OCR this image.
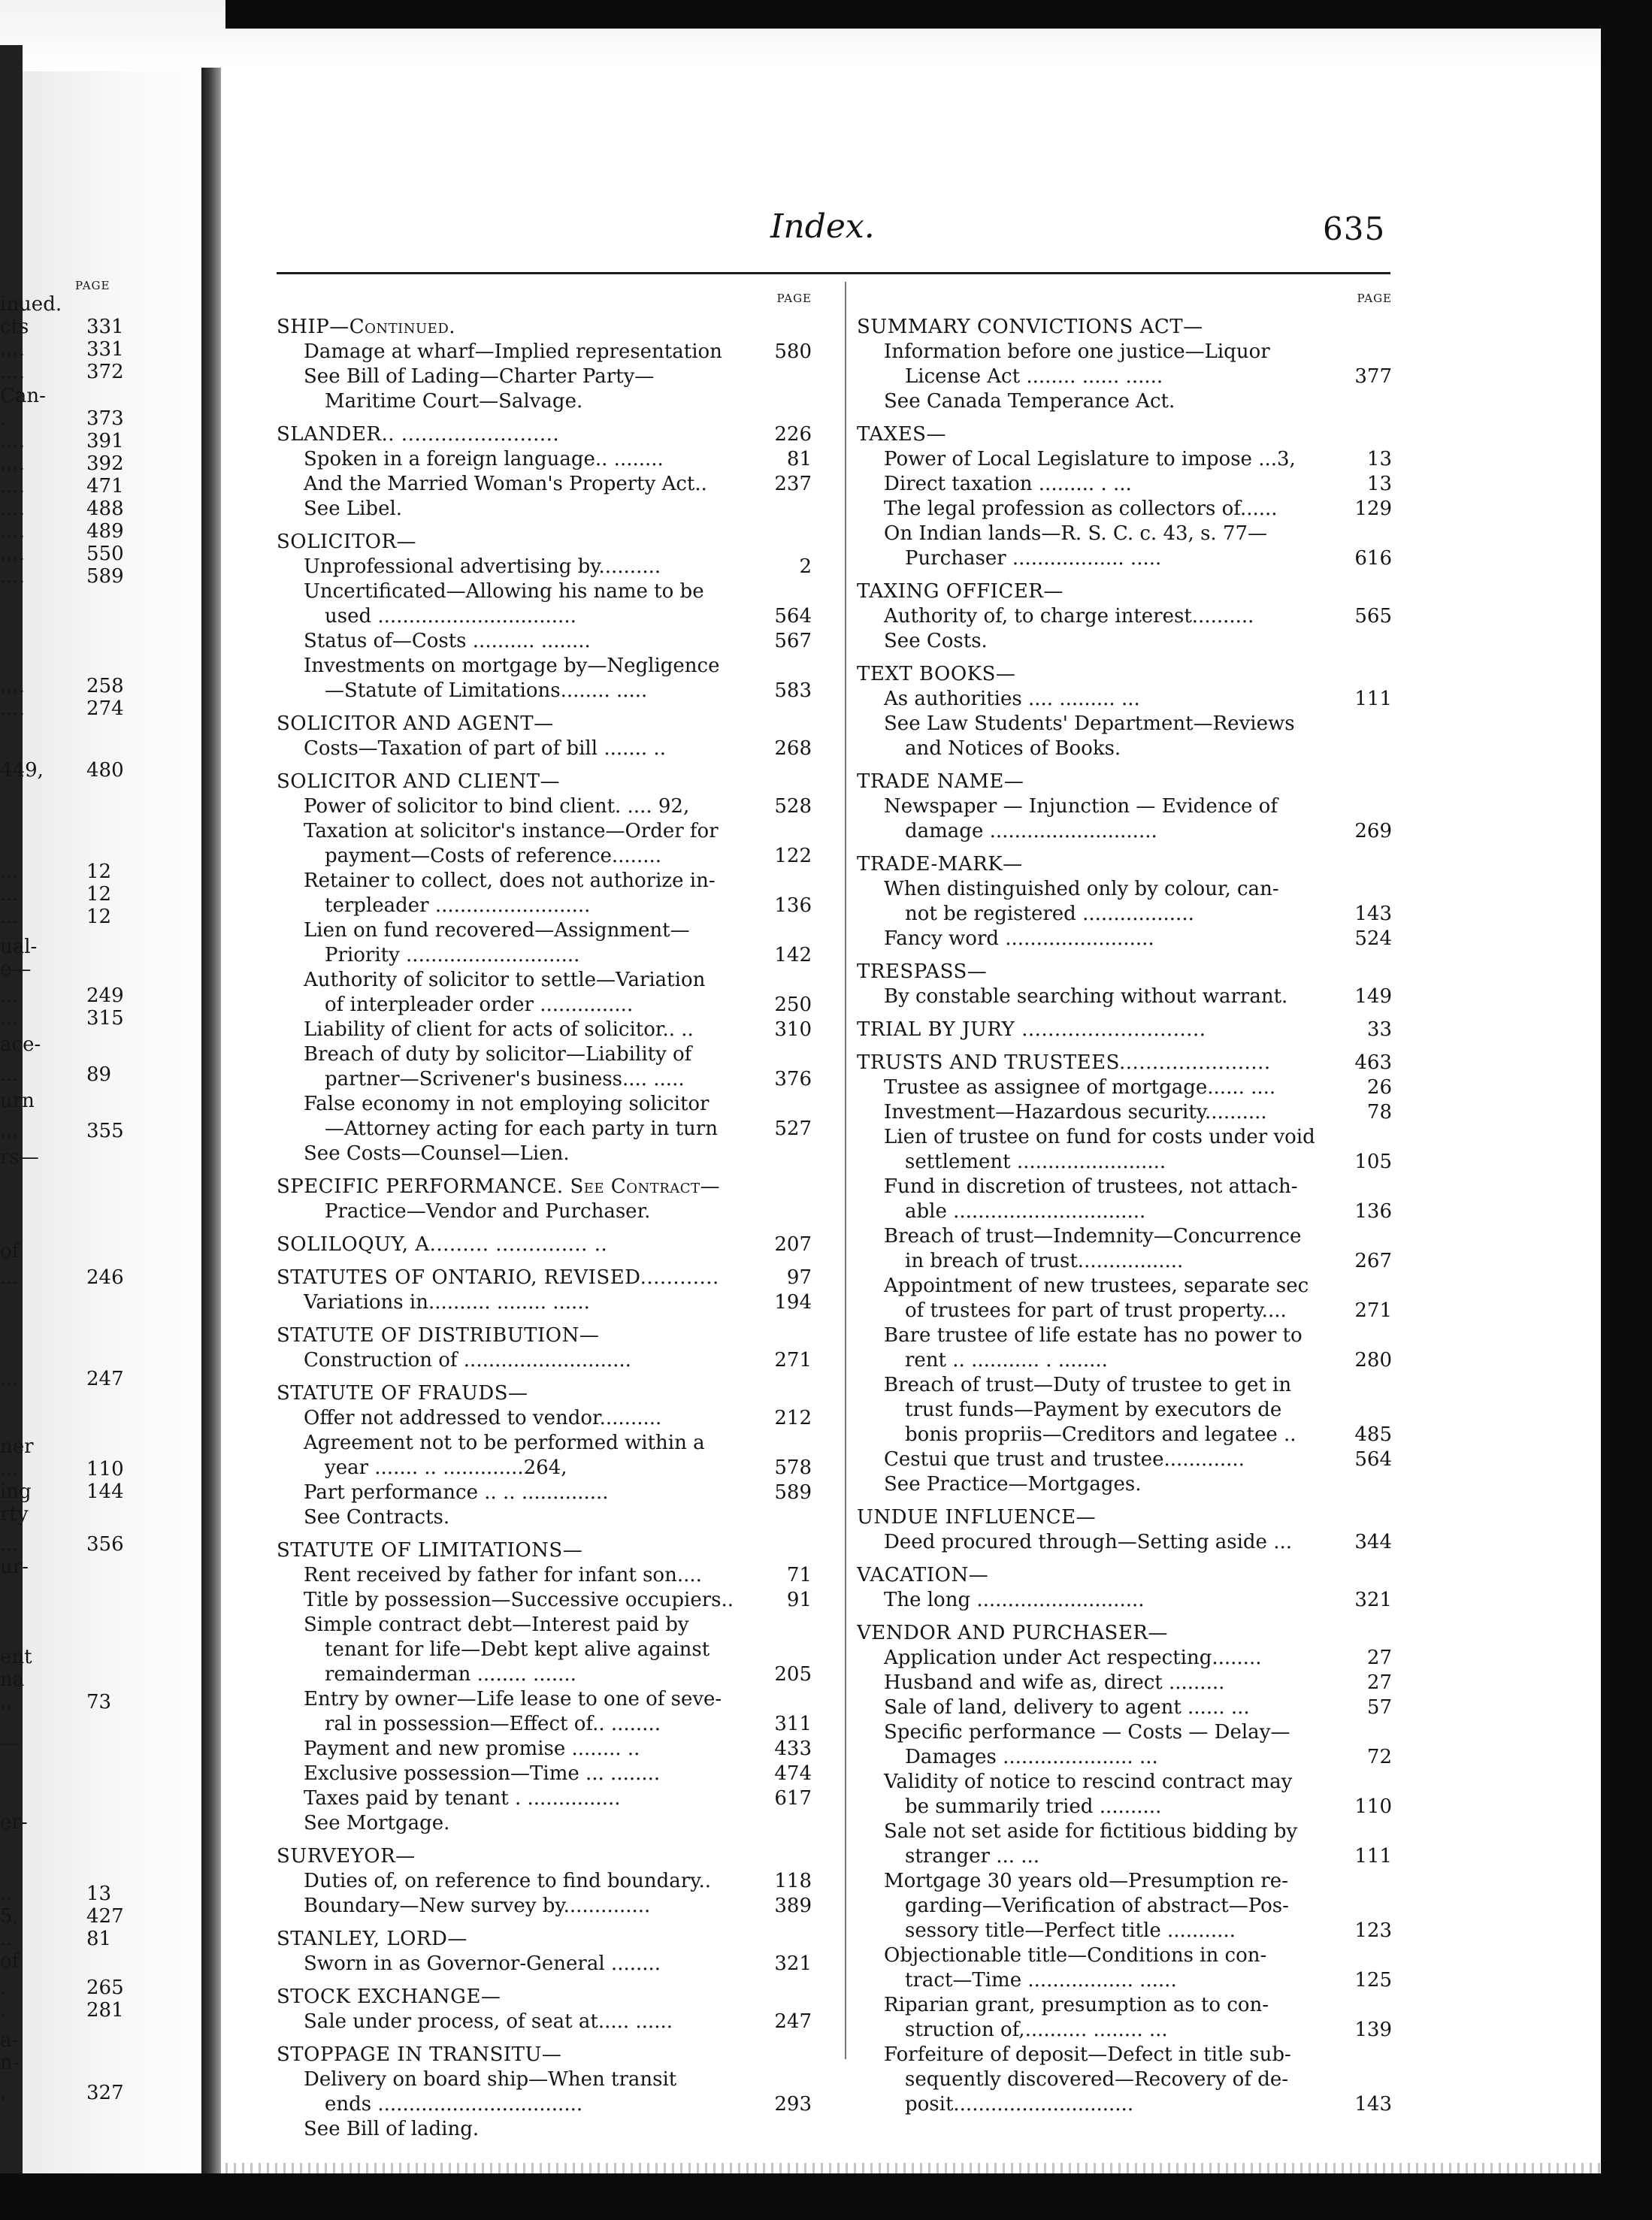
PAGE
inued.
cts	331
....	331
....	372
Can-
.	373
....	391
....	392
....	471
....	488
....	489
....	550
....	589
....	258
....	274
449, 480
...	12
...	12
...	12
ual-
e—
...	249
...	315
ace-
...	89
urn
...	355
rs—
of
...	246
...	247
ner
...	110
ing	144
rty
...	356
ur-
ent
na
..	73
—
er-
..	13
5,	427
..	81
of
.	265
.	281
a-
n-
.	327
Index.	635
PAGE
SHIP—Continued.
Damage at wharf—Implied representation	580
See Bill of Lading—Charter Party—
Maritime Court—Salvage.
SLANDER.. ........................	226
Spoken in a foreign language.. ........	81
And the Married Woman's Property Act..	237
See Libel.
SOLICITOR—
Unprofessional advertising by..........	2
Uncertificated—Allowing his name to be
used ................................	564
Status of—Costs .......... ........	567
Investments on mortgage by—Negligence
—Statute of Limitations........ .....	583
SOLICITOR AND AGENT—
Costs—Taxation of part of bill ....... ..	268
SOLICITOR AND CLIENT—
Power of solicitor to bind client. .... 92,	528
Taxation at solicitor's instance—Order for
payment—Costs of reference........	122
Retainer to collect, does not authorize in-
terpleader .........................	136
Lien on fund recovered—Assignment—
Priority ............................	142
Authority of solicitor to settle—Variation
of interpleader order ...............	250
Liability of client for acts of solicitor.. ..	310
Breach of duty by solicitor—Liability of
partner—Scrivener's business.... .....	376
False economy in not employing solicitor
—Attorney acting for each party in turn	527
See Costs—Counsel—Lien.
SPECIFIC PERFORMANCE. See Contract—
Practice—Vendor and Purchaser.
SOLILOQUY, A......... .............. ..	207
STATUTES OF ONTARIO, REVISED............	97
Variations in.......... ........ ......	194
STATUTE OF DISTRIBUTION—
Construction of ...........................	271
STATUTE OF FRAUDS—
Offer not addressed to vendor..........	212
Agreement not to be performed within a
year ....... .. .............264,	578
Part performance .. .. ..............	589
See Contracts.
STATUTE OF LIMITATIONS—
Rent received by father for infant son....	71
Title by possession—Successive occupiers..	91
Simple contract debt—Interest paid by
tenant for life—Debt kept alive against
remainderman ........ .......	205
Entry by owner—Life lease to one of seve-
ral in possession—Effect of.. ........	311
Payment and new promise ........ ..	433
Exclusive possession—Time ... ........	474
Taxes paid by tenant . ...............	617
See Mortgage.
SURVEYOR—
Duties of, on reference to find boundary..	118
Boundary—New survey by..............	389
STANLEY, LORD—
Sworn in as Governor-General ........	321
STOCK EXCHANGE—
Sale under process, of seat at..... ......	247
STOPPAGE IN TRANSITU—
Delivery on board ship—When transit
ends .................................	293
See Bill of lading.
PAGE
SUMMARY CONVICTIONS ACT—
Information before one justice—Liquor
License Act ........ ...... ......	377
See Canada Temperance Act.
TAXES—
Power of Local Legislature to impose ...3,	13
Direct taxation ......... . ...	13
The legal profession as collectors of......	129
On Indian lands—R. S. C. c. 43, s. 77—
Purchaser .................. .....	616
TAXING OFFICER—
Authority of, to charge interest..........	565
See Costs.
TEXT BOOKS—
As authorities .... ......... ...	111
See Law Students' Department—Reviews
and Notices of Books.
TRADE NAME—
Newspaper — Injunction — Evidence of
damage ...........................	269
TRADE-MARK—
When distinguished only by colour, can-
not be registered ..................	143
Fancy word ........................	524
TRESPASS—
By constable searching without warrant.	149
TRIAL BY JURY ............................	33
TRUSTS AND TRUSTEES.......................	463
Trustee as assignee of mortgage...... ....	26
Investment—Hazardous security..........	78
Lien of trustee on fund for costs under void
settlement ........................	105
Fund in discretion of trustees, not attach-
able ...............................	136
Breach of trust—Indemnity—Concurrence
in breach of trust.................	267
Appointment of new trustees, separate sec
of trustees for part of trust property....	271
Bare trustee of life estate has no power to
rent .. ........... . ........	280
Breach of trust—Duty of trustee to get in
trust funds—Payment by executors de
bonis propriis—Creditors and legatee ..	485
Cestui que trust and trustee.............	564
See Practice—Mortgages.
UNDUE INFLUENCE—
Deed procured through—Setting aside ...	344
VACATION—
The long ...........................	321
VENDOR AND PURCHASER—
Application under Act respecting........	27
Husband and wife as, direct .........	27
Sale of land, delivery to agent ...... ...	57
Specific performance — Costs — Delay—
Damages ..................... ...	72
Validity of notice to rescind contract may
be summarily tried ..........	110
Sale not set aside for fictitious bidding by
stranger ... ...	111
Mortgage 30 years old—Presumption re-
garding—Verification of abstract—Pos-
sessory title—Perfect title ...........	123
Objectionable title—Conditions in con-
tract—Time ................. ......	125
Riparian grant, presumption as to con-
struction of,.......... ........ ...	139
Forfeiture of deposit—Defect in title sub-
sequently discovered—Recovery of de-
posit.............................	143
